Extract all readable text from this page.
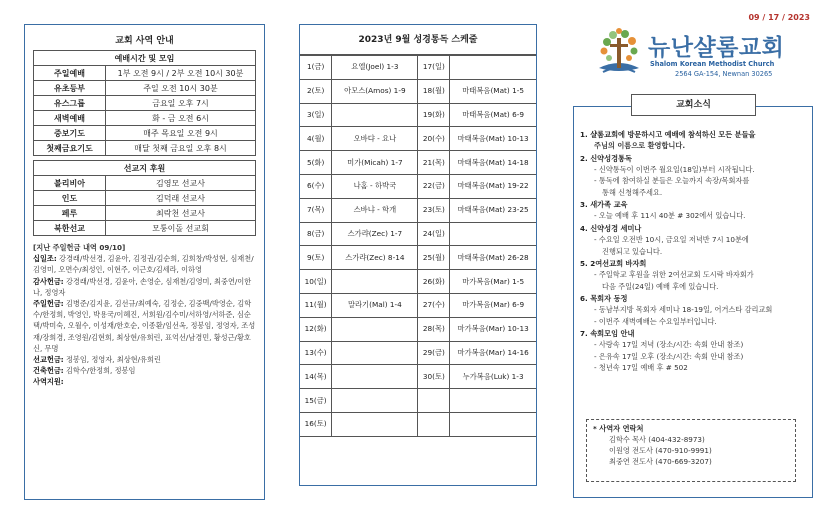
교회 사역 안내
예배시간 및 모임	
주일예배	1부 오전 9시 / 2부 오전 10시 30분
유초등부	주일 오전 10시 30분
유스그룹	금요일 오후 7시
새벽예배	화 - 금 오전 6시
중보기도	매주 목요일 오전 9시
첫째금요기도	매달 첫째 금요일 오후 8시
선교지 후원	
볼리비아	김영모 선교사
인도	김덕래 선교사
페루	최락천 선교사
북한선교	모퉁이돌 선교회
[지난 주일헌금 내역 09/10]
십일조: 강경래/박선경, 김윤아, 김정권/김순희, 김희창/박성현, 심재천/김영미, 오면수/최성인, 이현주, 이근호/김세라, 이하영
감사헌금: 강경래/박선경, 김윤아, 손영순, 심재천/김영미, 최중연/이한나, 정영자
주일헌금: 김병준/김지윤, 김선규/최예숙, 김정순, 김중백/박영순, 김학수/한정희, 박영인, 박용국/이혜진, 서희원/김수미/서하영/서하준, 심순택/박미숙, 오월수, 이성재/한호순, 이종환/임선옥, 정봉임, 정영자, 조성재/장희경, 조영원/김현희, 최상현/유희린, 표억선/남경민, 황성근/황호신, 무명
선교헌금: 정봉임, 정영자, 최상현/유희린
건축헌금: 김학수/한정희, 정봉임
사역지원:
2023년 9월 성경통독 스케줄
1(금)	요엘(Joel) 1-3	17(일)	
2(토)	아모스(Amos) 1-9	18(월)	마태복음(Mat) 1-5
3(일)		19(화)	마태복음(Mat) 6-9
4(월)	오바댜 - 요나	20(수)	마태복음(Mat) 10-13
5(화)	미가(Micah) 1-7	21(목)	마태복음(Mat) 14-18
6(수)	나홈 - 하박국	22(금)	마태복음(Mat) 19-22
7(목)	스바냐 - 학개	23(토)	마태복음(Mat) 23-25
8(금)	스가랴(Zec) 1-7	24(일)	
9(토)	스가랴(Zec) 8-14	25(월)	마태복음(Mat) 26-28
10(일)		26(화)	마가복음(Mar) 1-5
11(월)	말라기(Mal) 1-4	27(수)	마가복음(Mar) 6-9
12(화)		28(목)	마가복음(Mar) 10-13
13(수)		29(금)	마가복음(Mar) 14-16
14(목)		30(토)	누가복음(Luk) 1-3
15(금)			
16(토)			
09 / 17 / 2023
뉴난샬롬교회
Shalom Korean Methodist Church
2564 GA-154, Newnan 30265
1. 샬롬교회에 방문하시고 예배에 참석하신 모든 분들을
주님의 이름으로 환영합니다.
2. 신약성경통독
- 신약통독이 이번주 월요일(18일)부터 시작됩니다.
- 통독에 참여하실 분들은 오늘까지 속장/목회자를
통해 신청해주세요.
3. 새가족 교육
- 오늘 예배 후 11시 40분 # 302에서 있습니다.
4. 신약성경 세미나
- 수요일 오전반 10시, 금요일 저녁반 7시 10분에
진행되고 있습니다.
5. 2여선교회 바자회
- 주일학교 후원을 위한 2여선교회 도시락 바자회가
다음 주일(24일) 예배 후에 있습니다.
6. 목회자 동정
- 동남부지방 목회자 세미나 18-19일, 어거스타 감리교회
- 이번주 새벽예배는 수요일부터입니다.
7. 속회모임 안내
- 사랑속 17일 저녁 (장소/시간: 속회 안내 참조)
- 은유속 17일 오후 (장소/시간: 속회 안내 참조)
- 청년속 17일 예배 후 # 502
교회소식
* 사역자 연락처
김학수 목사 (404-432-8973)
이원영 전도사 (470-910-9991)
최중연 전도사 (470-669-3207)
